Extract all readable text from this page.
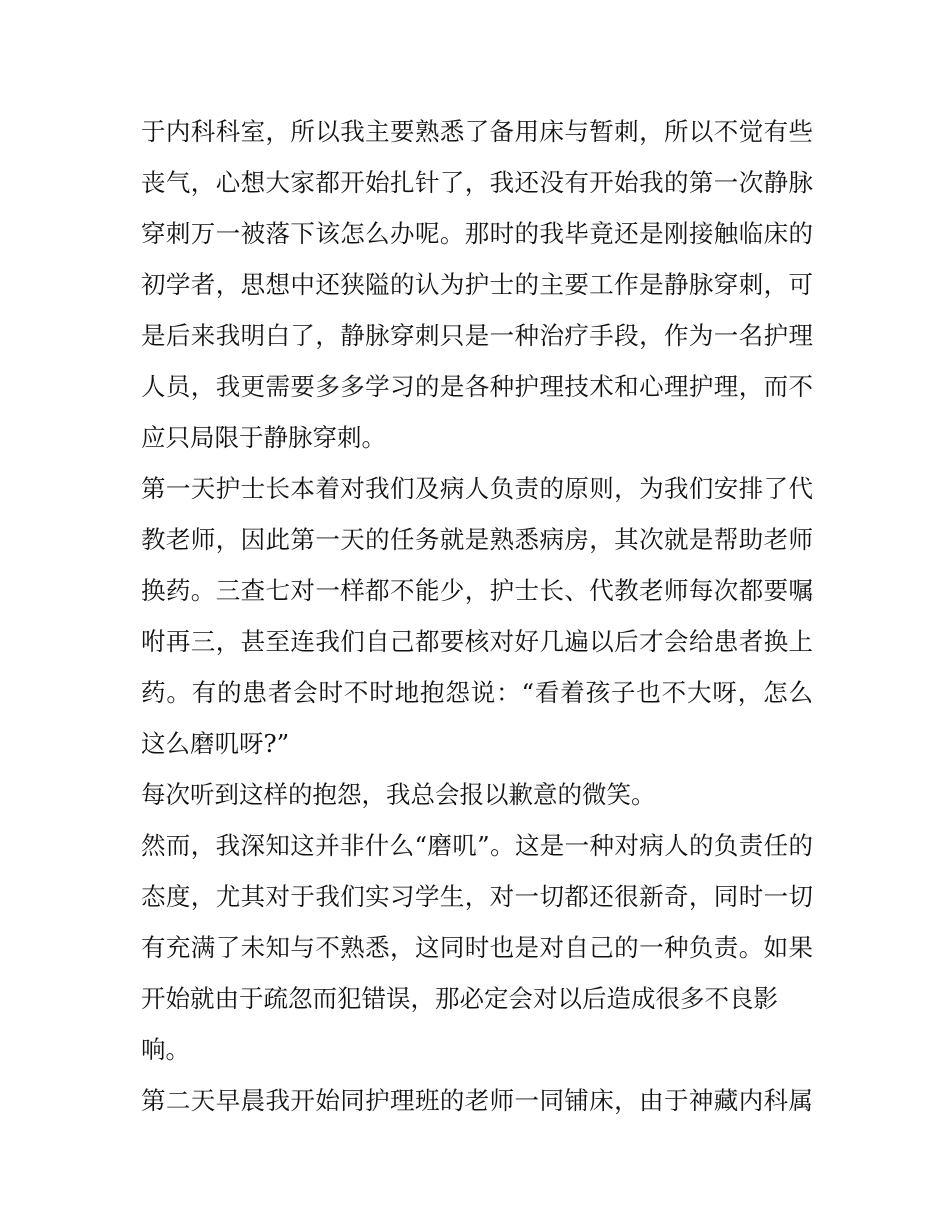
于内科科室，所以我主要熟悉了备用床与暂刺，所以不觉有些
丧气，心想大家都开始扎针了，我还没有开始我的第一次静脉
穿刺万一被落下该怎么办呢。那时的我毕竟还是刚接触临床的
初学者，思想中还狭隘的认为护士的主要工作是静脉穿刺，可
是后来我明白了，静脉穿刺只是一种治疗手段，作为一名护理
人员，我更需要多多学习的是各种护理技术和心理护理，而不
应只局限于静脉穿刺。
第一天护士长本着对我们及病人负责的原则，为我们安排了代
教老师，因此第一天的任务就是熟悉病房，其次就是帮助老师
换药。三查七对一样都不能少，护士长、代教老师每次都要嘱
咐再三，甚至连我们自己都要核对好几遍以后才会给患者换上
药。有的患者会时不时地抱怨说：“看着孩子也不大呀，怎么
这么磨叽呀?”
每次听到这样的抱怨，我总会报以歉意的微笑。
然而，我深知这并非什么“磨叽”。这是一种对病人的负责任的
态度，尤其对于我们实习学生，对一切都还很新奇，同时一切
有充满了未知与不熟悉，这同时也是对自己的一种负责。如果
开始就由于疏忽而犯错误，那必定会对以后造成很多不良影
响。
第二天早晨我开始同护理班的老师一同铺床，由于神藏内科属
